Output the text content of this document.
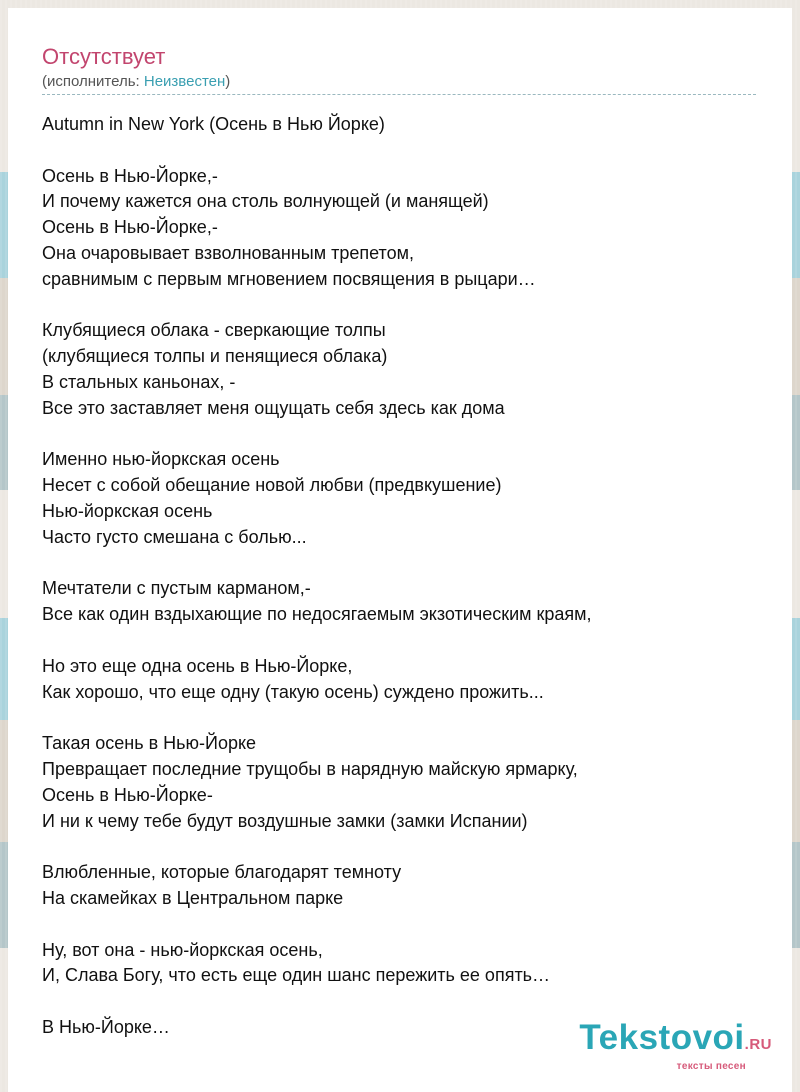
Отсутствует
(исполнитель: Неизвестен)
Autumn in New York (Осень в Нью Йорке)

Осень в Нью-Йорке,-
И почему кажется она столь волнующей (и манящей)
Осень в Нью-Йорке,-
Она очаровывает взволнованным трепетом,
сравнимым с первым мгновением посвящения в рыцари…

Клубящиеся облака - сверкающие толпы
(клубящиеся толпы и пенящиеся облака)
В стальных каньонах, -
Все это заставляет меня ощущать себя здесь как дома

Именно нью-йоркская осень
Несет с собой обещание новой любви (предвкушение)
Нью-йоркская осень
Часто густо смешана с болью...

Мечтатели с пустым карманом,-
Все как один вздыхающие по недосягаемым экзотическим краям,

Но это еще одна осень в Нью-Йорке,
Как хорошо, что еще одну (такую осень) суждено прожить...

Такая осень в Нью-Йорке
Превращает последние трущобы в нарядную майскую ярмарку,
Осень в Нью-Йорке-
И ни к чему тебе будут воздушные замки (замки Испании)

Влюбленные, которые благодарят темноту
На скамейках в Центральном парке

Ну, вот она - нью-йоркская осень,
И, Слава Богу, что есть еще один шанс пережить ее опять…

В Нью-Йорке…	Tekstovoi.RU
тексты песен
